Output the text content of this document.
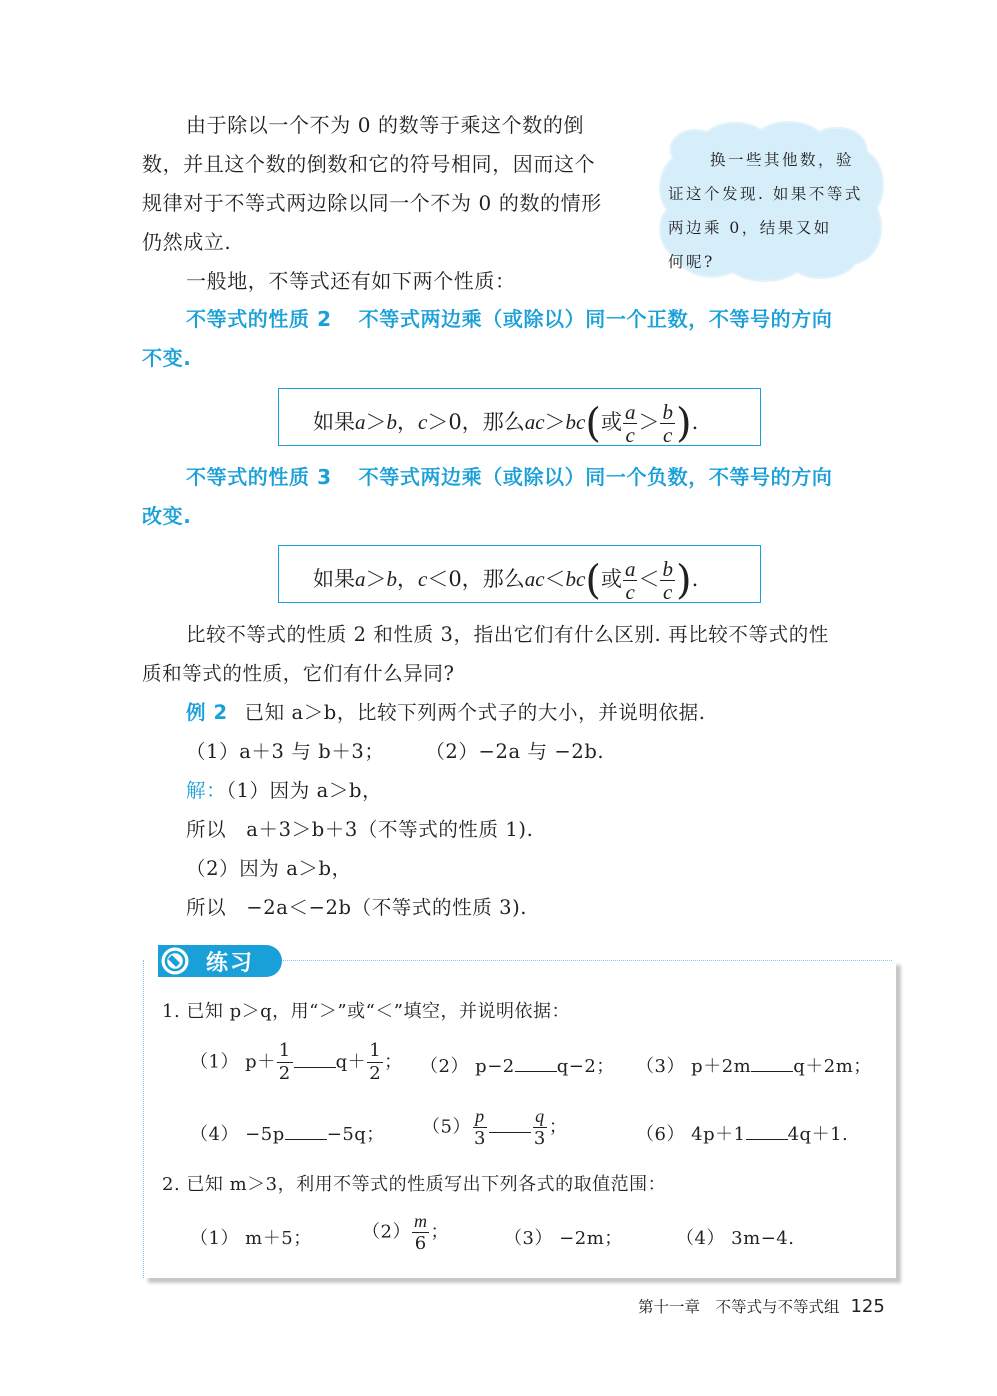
由于除以一个不为 0 的数等于乘这个数的倒
数，并且这个数的倒数和它的符号相同，因而这个
规律对于不等式两边除以同一个不为 0 的数的情形
仍然成立.
一般地，不等式还有如下两个性质：
换一些其他数，验
证这个发现. 如果不等式
两边乘 0，结果又如
何呢?
不等式的性质 2 不等式两边乘（或除以）同一个正数，不等号的方向
不变.
如果a＞b，c＞0，那么ac＞bc(或 $\frac{a}{c} > \frac{b}{c}$ ).
不等式的性质 3 不等式两边乘（或除以）同一个负数，不等号的方向
改变.
如果a＞b，c＜0，那么ac＜bc(或 $\frac{a}{c} < \frac{b}{c}$ ).
比较不等式的性质 2 和性质 3，指出它们有什么区别. 再比较不等式的性
质和等式的性质，它们有什么异同?
例 2 已知 a＞b，比较下列两个式子的大小，并说明依据.
（1）a＋3 与 b＋3；　　　（2）−2a 与 −2b.
解：（1）因为 a＞b，
所以　a＋3＞b＋3（不等式的性质 1).
（2）因为 a＞b，
所以　−2a＜−2b（不等式的性质 3).
练习
1. 已知 p＞q，用“＞”或“＜”填空，并说明依据：
（1） $p+ \frac{1}{2} q+ \frac{1}{2}$ ； （2） p−2 q−2； （3） p＋2m q＋2m；
（4） −5p −5q； $(5) \frac{p}{3} \frac{q}{3}$ ；	（6） 4p＋1 4q＋1.
2. 已知 m＞3，利用不等式的性质写出下列各式的取值范围：
（1） m＋5；	$(2) \frac{m}{6}$ ；	（3） −2m；	（4） 3m−4.
第十一章　不等式与不等式组 125
